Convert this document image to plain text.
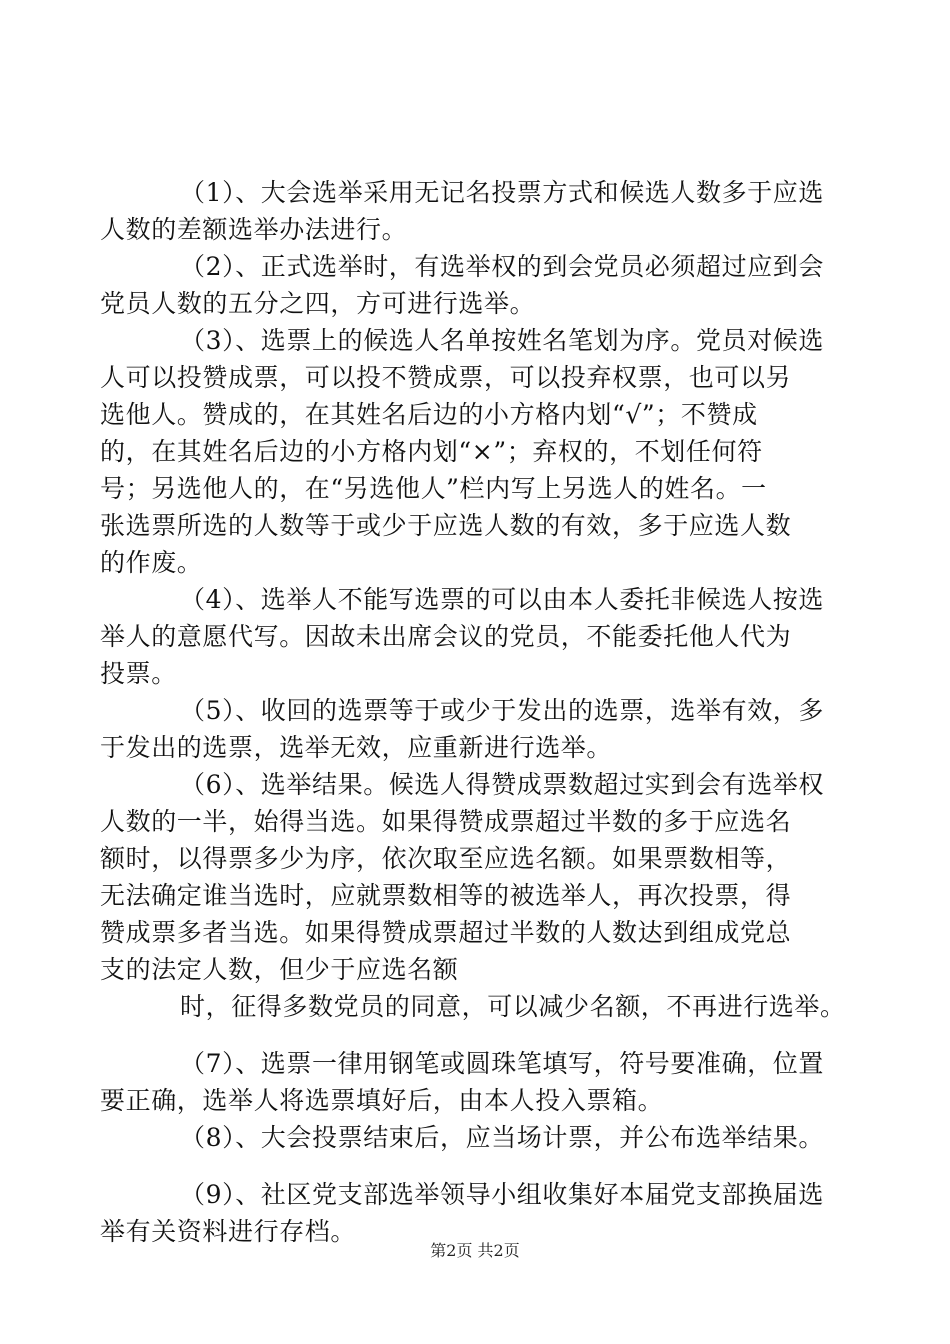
（1）、大会选举采用无记名投票方式和候选人数多于应选
人数的差额选举办法进行。
（2）、正式选举时，有选举权的到会党员必须超过应到会
党员人数的五分之四，方可进行选举。
（3）、选票上的候选人名单按姓名笔划为序。党员对候选
人可以投赞成票，可以投不赞成票，可以投弃权票，也可以另
选他人。赞成的，在其姓名后边的小方格内划“√”；不赞成
的，在其姓名后边的小方格内划“×”；弃权的，不划任何符
号；另选他人的，在“另选他人”栏内写上另选人的姓名。一
张选票所选的人数等于或少于应选人数的有效，多于应选人数
的作废。
（4）、选举人不能写选票的可以由本人委托非候选人按选
举人的意愿代写。因故未出席会议的党员，不能委托他人代为
投票。
（5）、收回的选票等于或少于发出的选票，选举有效，多
于发出的选票，选举无效，应重新进行选举。
（6）、选举结果。候选人得赞成票数超过实到会有选举权
人数的一半，始得当选。如果得赞成票超过半数的多于应选名
额时，以得票多少为序，依次取至应选名额。如果票数相等，
无法确定谁当选时，应就票数相等的被选举人，再次投票，得
赞成票多者当选。如果得赞成票超过半数的人数达到组成党总
支的法定人数，但少于应选名额
时，征得多数党员的同意，可以减少名额，不再进行选举。
（7）、选票一律用钢笔或圆珠笔填写，符号要准确，位置
要正确，选举人将选票填好后，由本人投入票箱。
（8）、大会投票结束后，应当场计票，并公布选举结果。
（9）、社区党支部选举领导小组收集好本届党支部换届选
举有关资料进行存档。
第2页 共2页
